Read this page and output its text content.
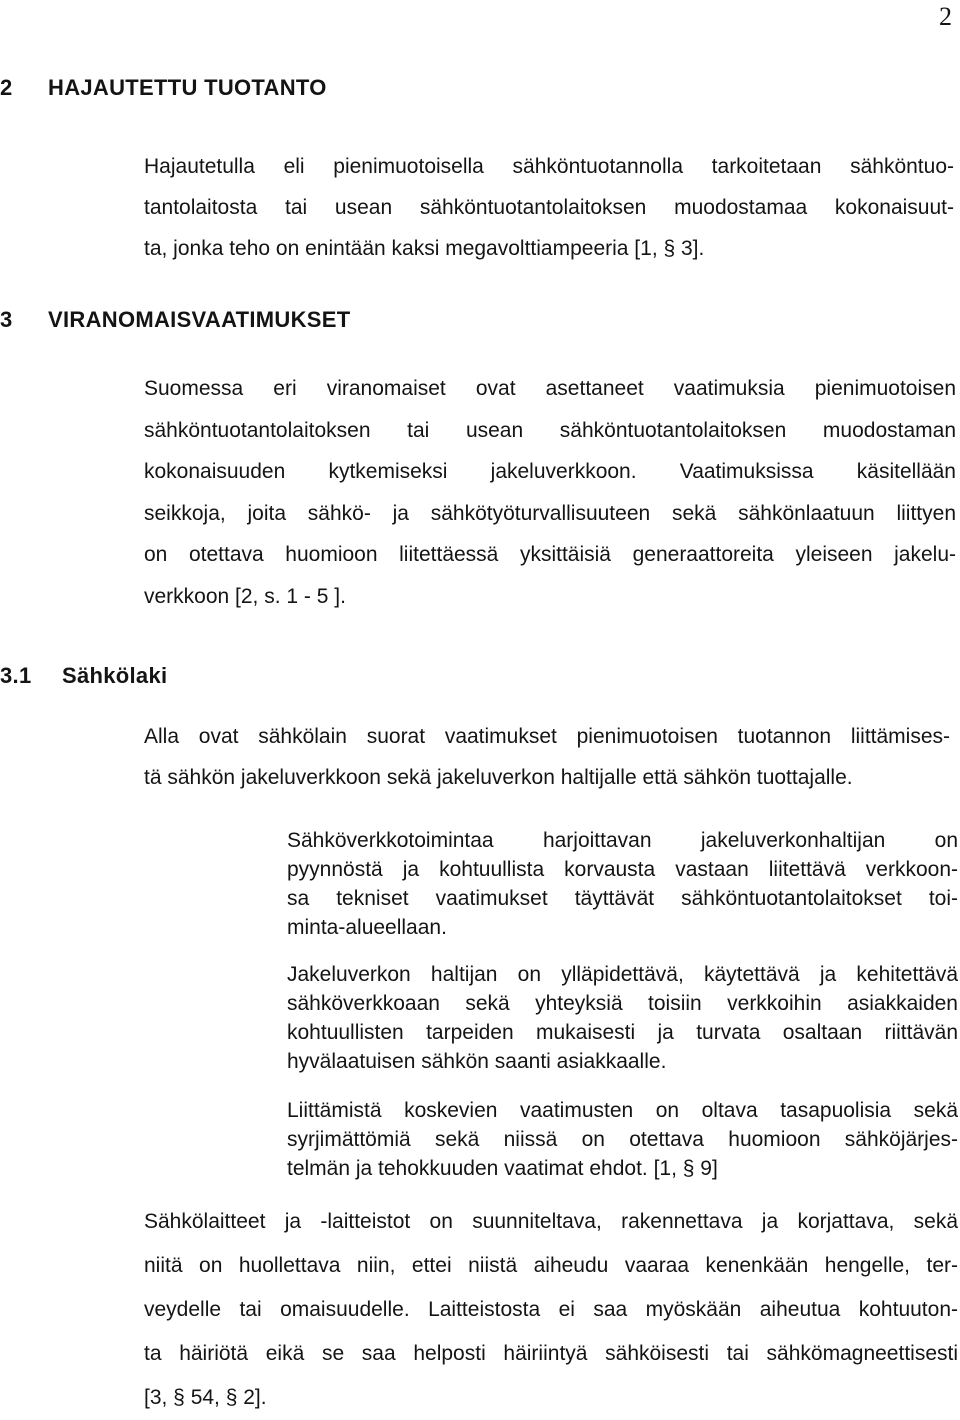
2
2 HAJAUTETTU TUOTANTO
Hajautetulla eli pienimuotoisella sähköntuotannolla tarkoitetaan sähköntuo-
tantolaitosta tai usean sähköntuotantolaitoksen muodostamaa kokonaisuut-
ta, jonka teho on enintään kaksi megavolttiampeeria [1, § 3].
3 VIRANOMAISVAATIMUKSET
Suomessa eri viranomaiset ovat asettaneet vaatimuksia pienimuotoisen
sähköntuotantolaitoksen tai usean sähköntuotantolaitoksen muodostaman
kokonaisuuden kytkemiseksi jakeluverkkoon. Vaatimuksissa käsitellään
seikkoja, joita sähkö- ja sähkötyöturvallisuuteen sekä sähkönlaatuun liittyen
on otettava huomioon liitettäessä yksittäisiä generaattoreita yleiseen jakelu-
verkkoon [2, s. 1 - 5 ].
3.1 Sähkölaki
Alla ovat sähkölain suorat vaatimukset pienimuotoisen tuotannon liittämises-
tä sähkön jakeluverkkoon sekä jakeluverkon haltijalle että sähkön tuottajalle.
Sähköverkkotoimintaa harjoittavan jakeluverkonhaltijan on
pyynnöstä ja kohtuullista korvausta vastaan liitettävä verkkoon-
sa tekniset vaatimukset täyttävät sähköntuotantolaitokset toi-
minta-alueellaan.
Jakeluverkon haltijan on ylläpidettävä, käytettävä ja kehitettävä
sähköverkkoaan sekä yhteyksiä toisiin verkkoihin asiakkaiden
kohtuullisten tarpeiden mukaisesti ja turvata osaltaan riittävän
hyvälaatuisen sähkön saanti asiakkaalle.
Liittämistä koskevien vaatimusten on oltava tasapuolisia sekä
syrjimättömiä sekä niissä on otettava huomioon sähköjärjes-
telmän ja tehokkuuden vaatimat ehdot. [1, § 9]
Sähkölaitteet ja -laitteistot on suunniteltava, rakennettava ja korjattava, sekä
niitä on huollettava niin, ettei niistä aiheudu vaaraa kenenkään hengelle, ter-
veydelle tai omaisuudelle. Laitteistosta ei saa myöskään aiheutua kohtuuton-
ta häiriötä eikä se saa helposti häiriintyä sähköisesti tai sähkömagneettisesti
[3, § 54, § 2].
